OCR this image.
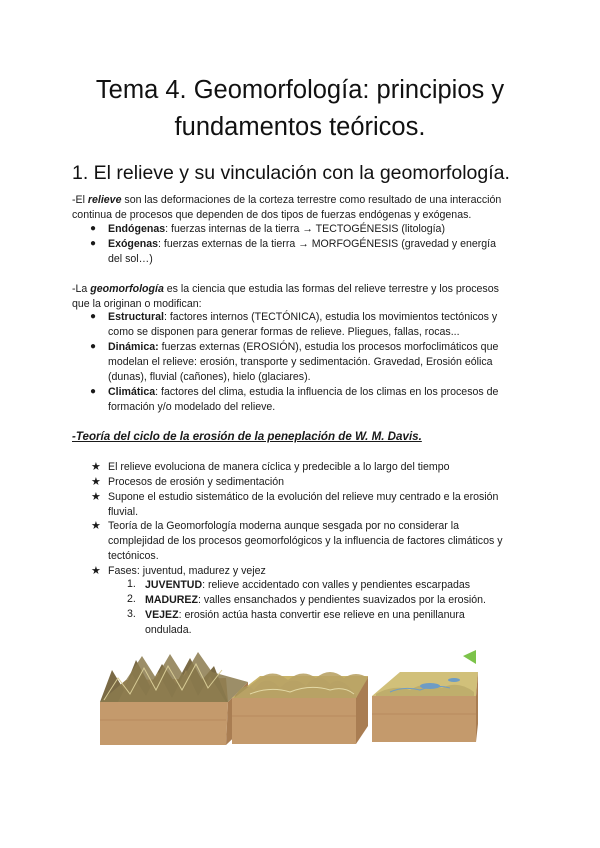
Tema 4. Geomorfología: principios y fundamentos teóricos.
1. El relieve y su vinculación con la geomorfología.
-El relieve son las deformaciones de la corteza terrestre como resultado de una interacción
continua de procesos que dependen de dos tipos de fuerzas endógenas y exógenas.
● Endógenas: fuerzas internas de la tierra → TECTOGÉNESIS (litología)
● Exógenas: fuerzas externas de la tierra → MORFOGÉNESIS (gravedad y energía
del sol…)
-La geomorfología es la ciencia que estudia las formas del relieve terrestre y los procesos
que la originan o modifican:
● Estructural: factores internos (TECTÓNICA), estudia los movimientos tectónicos y
como se disponen para generar formas de relieve. Pliegues, fallas, rocas...
● Dinámica: fuerzas externas (EROSIÓN), estudia los procesos morfoclimáticos que
modelan el relieve: erosión, transporte y sedimentación. Gravedad, Erosión eólica
(dunas), fluvial (cañones), hielo (glaciares).
● Climática: factores del clima, estudia la influencia de los climas en los procesos de
formación y/o modelado del relieve.
-Teoría del ciclo de la erosión de la peneplación de W. M. Davis.
★ El relieve evoluciona de manera cíclica y predecible a lo largo del tiempo
★ Procesos de erosión y sedimentación
★ Supone el estudio sistemático de la evolución del relieve muy centrado e la erosión
fluvial.
★ Teoría de la Geomorfología moderna aunque sesgada por no considerar la
complejidad de los procesos geomorfológicos y la influencia de factores climáticos y
tectónicos.
★ Fases: juventud, madurez y vejez
1. JUVENTUD: relieve accidentado con valles y pendientes escarpadas
2. MADUREZ: valles ensanchados y pendientes suavizados por la erosión.
3. VEJEZ: erosión actúa hasta convertir ese relieve en una penillanura
ondulada.
